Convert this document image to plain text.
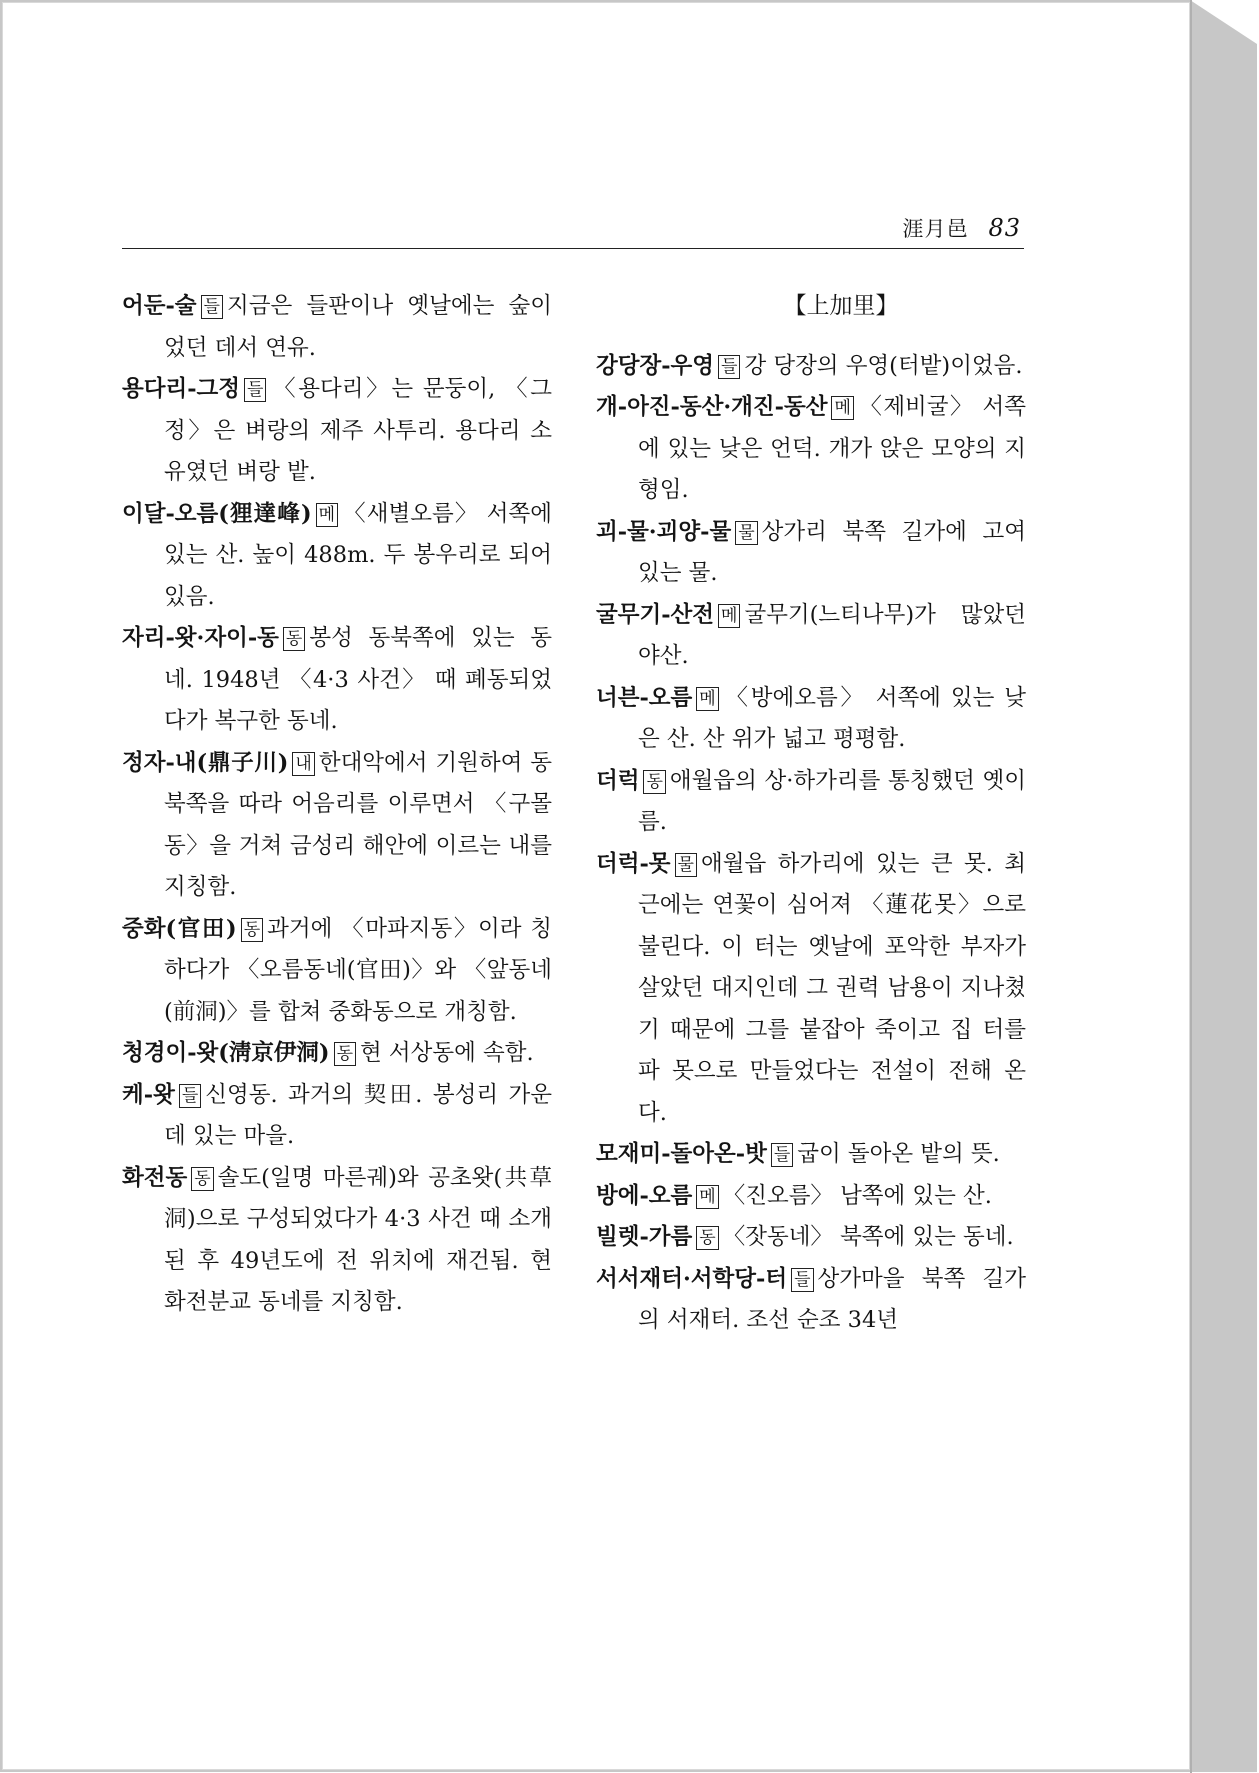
涯月邑 83

어둔-술 들 지금은 들판이나 옛날에는 숲이었던 데서 연유.

용다리-그정 들 〈용다리〉는 문둥이, 〈그정〉은 벼랑의 제주 사투리. 용다리 소유였던 벼랑 밭.

이달-오름(狸達峰) 메 〈새별오름〉 서쪽에 있는 산. 높이 488m. 두 봉우리로 되어 있음.

자리-왓·자이-동 동 봉성 동북쪽에 있는 동네. 1948년 〈4·3 사건〉 때 폐동되었다가 복구한 동네.

정자-내(鼎子川) 내 한대악에서 기원하여 동북쪽을 따라 어음리를 이루면서 〈구몰동〉을 거쳐 금성리 해안에 이르는 내를 지칭함.

중화(官田) 동 과거에 〈마파지동〉이라 칭하다가 〈오름동네(官田)〉와 〈앞동네(前洞)〉를 합쳐 중화동으로 개칭함.

청경이-왓(淸京伊洞) 동 현 서상동에 속함.

케-왓 들 신영동. 과거의 契田. 봉성리 가운데 있는 마을.

화전동 동 솔도(일명 마른궤)와 공초왓(共草洞)으로 구성되었다가 4·3 사건 때 소개된 후 49년도에 전 위치에 재건됨. 현 화전분교 동네를 지칭함.

【上加里】

강당장-우영 들 강 당장의 우영(터밭)이었음.

개-아진-동산·개진-동산 메 〈제비굴〉 서쪽에 있는 낮은 언덕. 개가 앉은 모양의 지형임.

괴-물·괴양-물 물 상가리 북쪽 길가에 고여 있는 물.

굴무기-산전 메 굴무기(느티나무)가 많았던 야산.

너븐-오름 메 〈방에오름〉 서쪽에 있는 낮은 산. 산 위가 넓고 평평함.

더럭 동 애월읍의 상·하가리를 통칭했던 옛이름.

더럭-못 물 애월읍 하가리에 있는 큰 못. 최근에는 연꽃이 심어져 〈蓮花못〉으로 불린다. 이 터는 옛날에 포악한 부자가 살았던 대지인데 그 권력 남용이 지나쳤기 때문에 그를 붙잡아 죽이고 집 터를 파 못으로 만들었다는 전설이 전해 온다.

모재미-돌아온-밧 들 굽이 돌아온 밭의 뜻.

방에-오름 메 〈진오름〉 남쪽에 있는 산.

빌렛-가름 동 〈잣동네〉 북쪽에 있는 동네.

서서재터·서학당-터 들 상가마을 북쪽 길가의 서재터. 조선 순조 34년
